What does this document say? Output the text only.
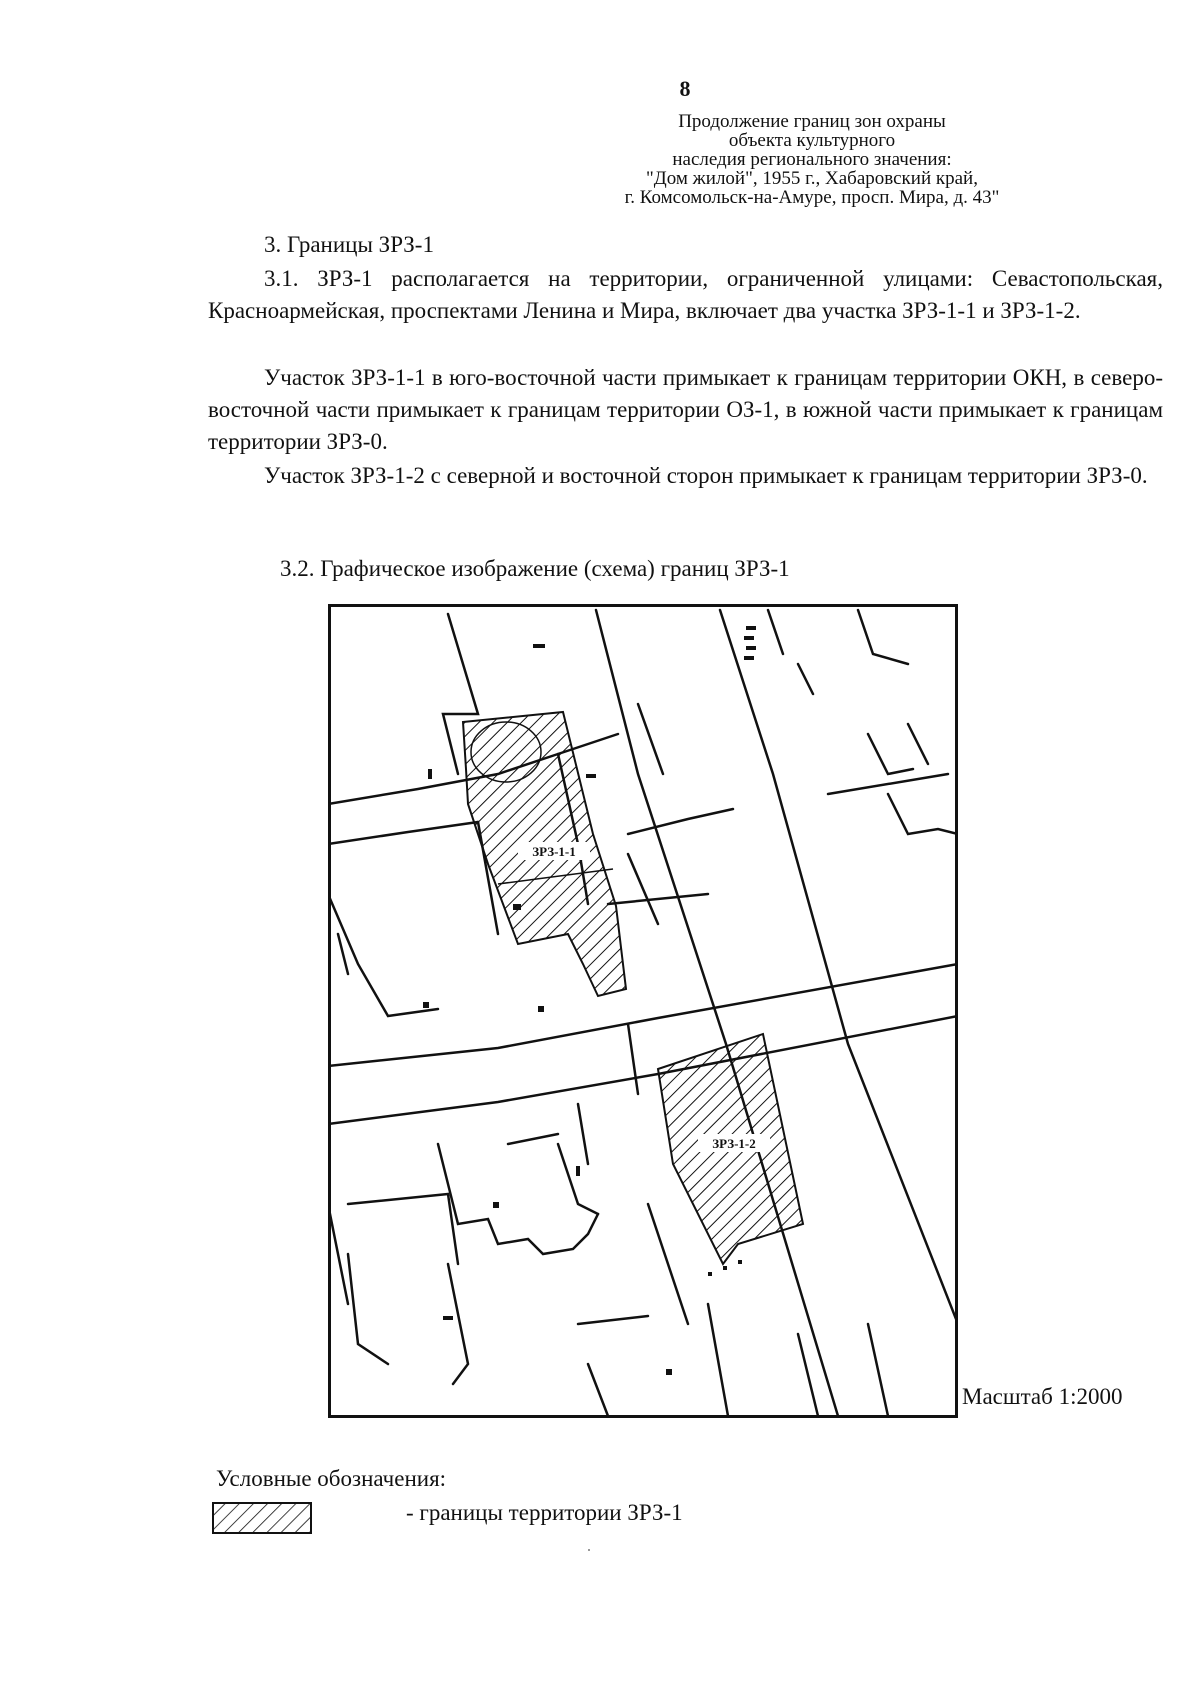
8
Продолжение границ зон охраны
объекта культурного
наследия регионального значения:
"Дом жилой", 1955 г., Хабаровский край,
г. Комсомольск-на-Амуре, просп. Мира, д. 43"
3. Границы ЗРЗ-1
3.1. ЗРЗ-1 располагается на территории, ограниченной улицами: Севастопольская, Красноармейская, проспектами Ленина и Мира, включает два участка ЗРЗ-1-1 и ЗРЗ-1-2.
Участок ЗРЗ-1-1 в юго-восточной части примыкает к границам территории ОКН, в северо-восточной части примыкает к границам территории ОЗ-1, в южной части примыкает к границам территории ЗРЗ-0.
Участок ЗРЗ-1-2 с северной и восточной сторон примыкает к границам территории ЗРЗ-0.
3.2. Графическое изображение (схема) границ ЗРЗ-1
ЗРЗ-1-1
ЗРЗ-1-2
Масштаб 1:2000
Условные обозначения:
- границы территории ЗРЗ-1
